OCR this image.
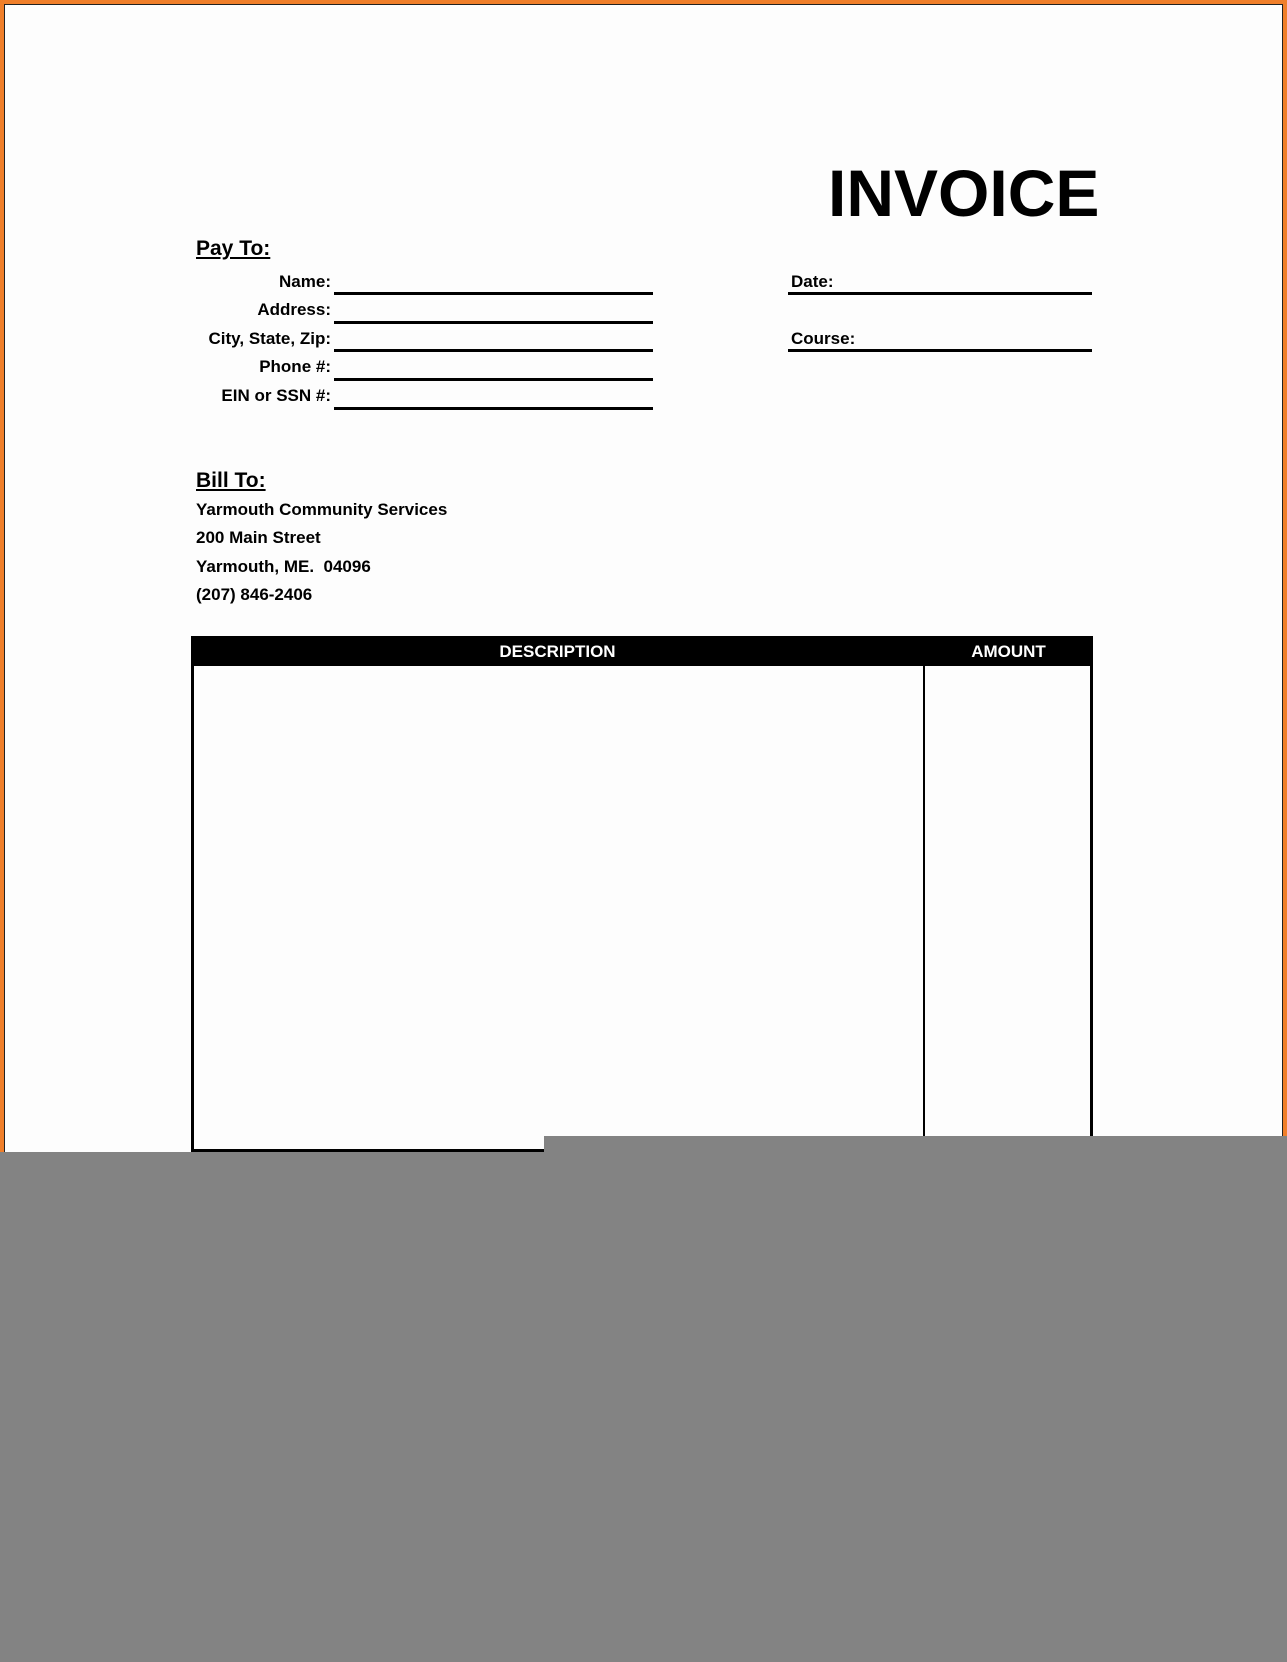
INVOICE
Pay To:
Name:
Address:
City, State, Zip:
Phone #:
EIN or SSN #:
Date:
Course:
Bill To:
Yarmouth Community Services
200 Main Street
Yarmouth, ME.  04096
(207) 846-2406
DESCRIPTION	AMOUNT
